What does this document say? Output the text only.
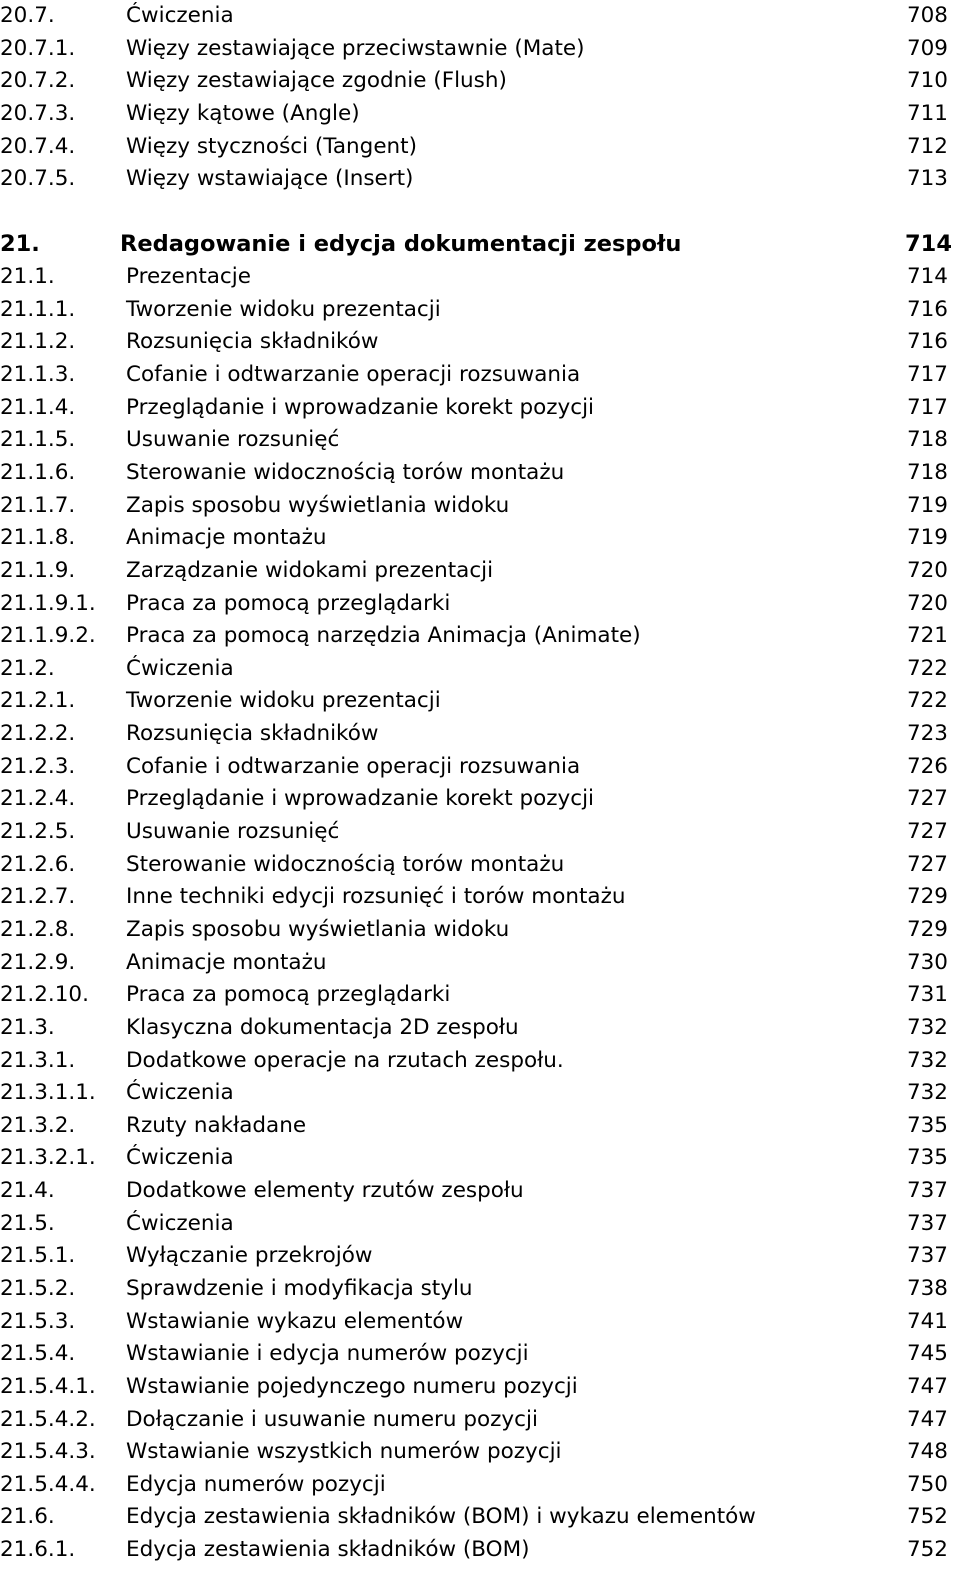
20.7.	Ćwiczenia	708
20.7.1. Więzy zestawiające przeciwstawnie (Mate)	709
20.7.2. Więzy zestawiające zgodnie (Flush)	710
20.7.3. Więzy kątowe (Angle)	711
20.7.4. Więzy styczności (Tangent)	712
20.7.5. Więzy wstawiające (Insert)	713
21.	Redagowanie i edycja dokumentacji zespołu	714
21.1.	Prezentacje	714
21.1.1. Tworzenie widoku prezentacji	716
21.1.2. Rozsunięcia składników	716
21.1.3. Cofanie i odtwarzanie operacji rozsuwania	717
21.1.4. Przeglądanie i wprowadzanie korekt pozycji	717
21.1.5. Usuwanie rozsunięć	718
21.1.6. Sterowanie widocznością torów montażu	718
21.1.7. Zapis sposobu wyświetlania widoku	719
21.1.8. Animacje montażu	719
21.1.9. Zarządzanie widokami prezentacji	720
21.1.9.1. Praca za pomocą przeglądarki	720
21.1.9.2. Praca za pomocą narzędzia Animacja (Animate)	721
21.2.	Ćwiczenia	722
21.2.1. Tworzenie widoku prezentacji	722
21.2.2. Rozsunięcia składników	723
21.2.3. Cofanie i odtwarzanie operacji rozsuwania	726
21.2.4. Przeglądanie i wprowadzanie korekt pozycji	727
21.2.5. Usuwanie rozsunięć	727
21.2.6. Sterowanie widocznością torów montażu	727
21.2.7. Inne techniki edycji rozsunięć i torów montażu	729
21.2.8. Zapis sposobu wyświetlania widoku	729
21.2.9. Animacje montażu	730
21.2.10. Praca za pomocą przeglądarki	731
21.3.	Klasyczna dokumentacja 2D zespołu	732
21.3.1. Dodatkowe operacje na rzutach zespołu.	732
21.3.1.1. Ćwiczenia	732
21.3.2. Rzuty nakładane	735
21.3.2.1. Ćwiczenia	735
21.4.	Dodatkowe elementy rzutów zespołu	737
21.5.	Ćwiczenia	737
21.5.1. Wyłączanie przekrojów	737
21.5.2. Sprawdzenie i modyfikacja stylu	738
21.5.3. Wstawianie wykazu elementów	741
21.5.4. Wstawianie i edycja numerów pozycji	745
21.5.4.1. Wstawianie pojedynczego numeru pozycji	747
21.5.4.2. Dołączanie i usuwanie numeru pozycji	747
21.5.4.3. Wstawianie wszystkich numerów pozycji	748
21.5.4.4. Edycja numerów pozycji	750
21.6.	Edycja zestawienia składników (BOM) i wykazu elementów	752
21.6.1. Edycja zestawienia składników (BOM)	752
